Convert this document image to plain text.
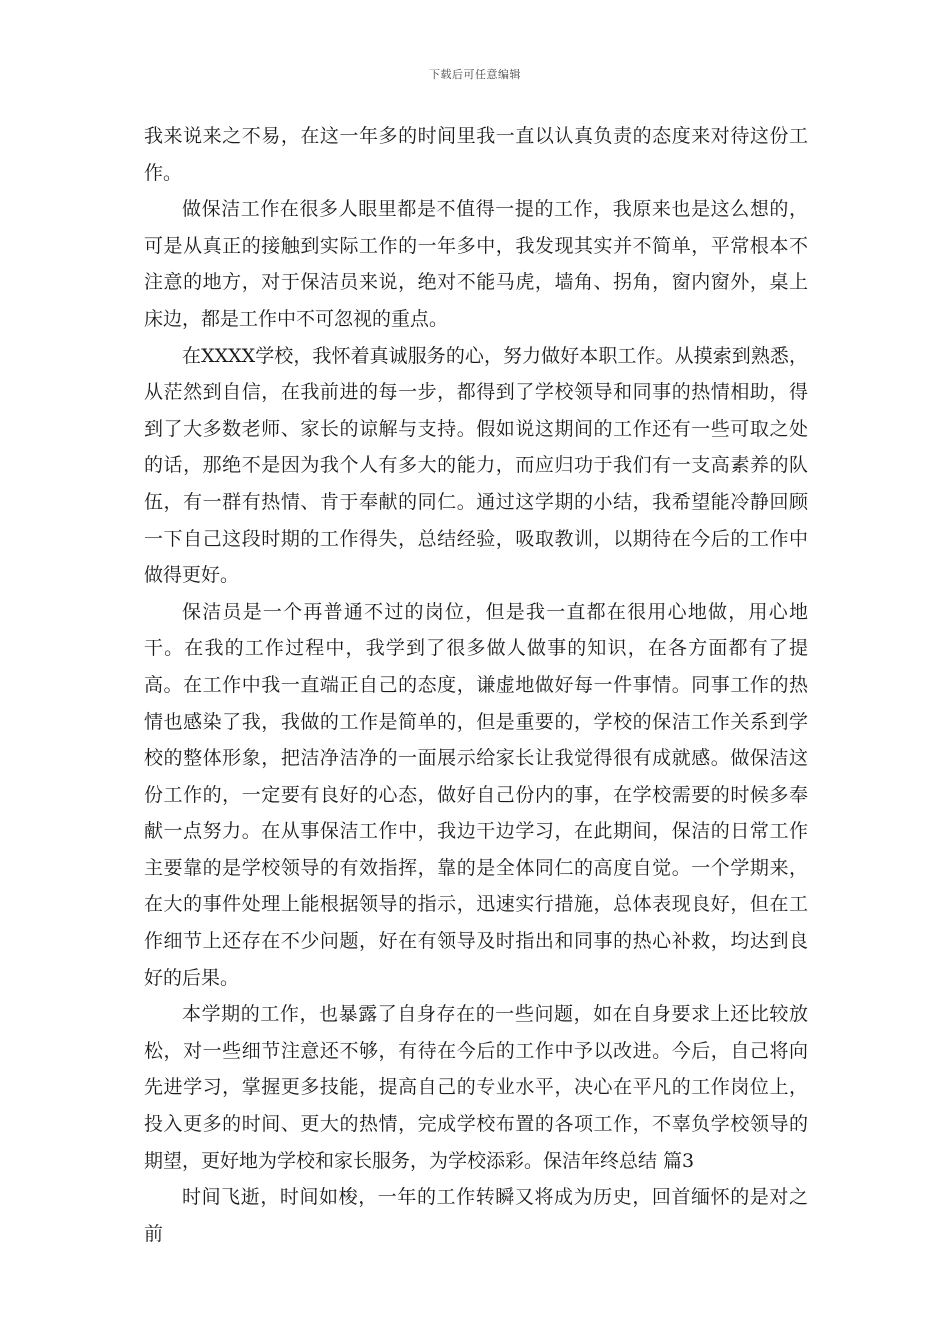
下载后可任意编辑

我来说来之不易，在这一年多的时间里我一直以认真负责的态度来对待这份工作。

做保洁工作在很多人眼里都是不值得一提的工作，我原来也是这么想的，可是从真正的接触到实际工作的一年多中，我发现其实并不简单，平常根本不注意的地方，对于保洁员来说，绝对不能马虎，墙角、拐角，窗内窗外，桌上床边，都是工作中不可忽视的重点。

在XXXX学校，我怀着真诚服务的心，努力做好本职工作。从摸索到熟悉，从茫然到自信，在我前进的每一步，都得到了学校领导和同事的热情相助，得到了大多数老师、家长的谅解与支持。假如说这期间的工作还有一些可取之处的话，那绝不是因为我个人有多大的能力，而应归功于我们有一支高素养的队伍，有一群有热情、肯于奉献的同仁。通过这学期的小结，我希望能冷静回顾一下自己这段时期的工作得失，总结经验，吸取教训，以期待在今后的工作中做得更好。

保洁员是一个再普通不过的岗位，但是我一直都在很用心地做，用心地干。在我的工作过程中，我学到了很多做人做事的知识，在各方面都有了提高。在工作中我一直端正自己的态度，谦虚地做好每一件事情。同事工作的热情也感染了我，我做的工作是简单的，但是重要的，学校的保洁工作关系到学校的整体形象，把洁净洁净的一面展示给家长让我觉得很有成就感。做保洁这份工作的，一定要有良好的心态，做好自己份内的事，在学校需要的时候多奉献一点努力。在从事保洁工作中，我边干边学习，在此期间，保洁的日常工作主要靠的是学校领导的有效指挥，靠的是全体同仁的高度自觉。一个学期来，在大的事件处理上能根据领导的指示，迅速实行措施，总体表现良好，但在工作细节上还存在不少问题，好在有领导及时指出和同事的热心补救，均达到良好的后果。

本学期的工作，也暴露了自身存在的一些问题，如在自身要求上还比较放松，对一些细节注意还不够，有待在今后的工作中予以改进。今后，自己将向先进学习，掌握更多技能，提高自己的专业水平，决心在平凡的工作岗位上，投入更多的时间、更大的热情，完成学校布置的各项工作，不辜负学校领导的期望，更好地为学校和家长服务，为学校添彩。保洁年终总结 篇3

时间飞逝，时间如梭，一年的工作转瞬又将成为历史，回首缅怀的是对之前
